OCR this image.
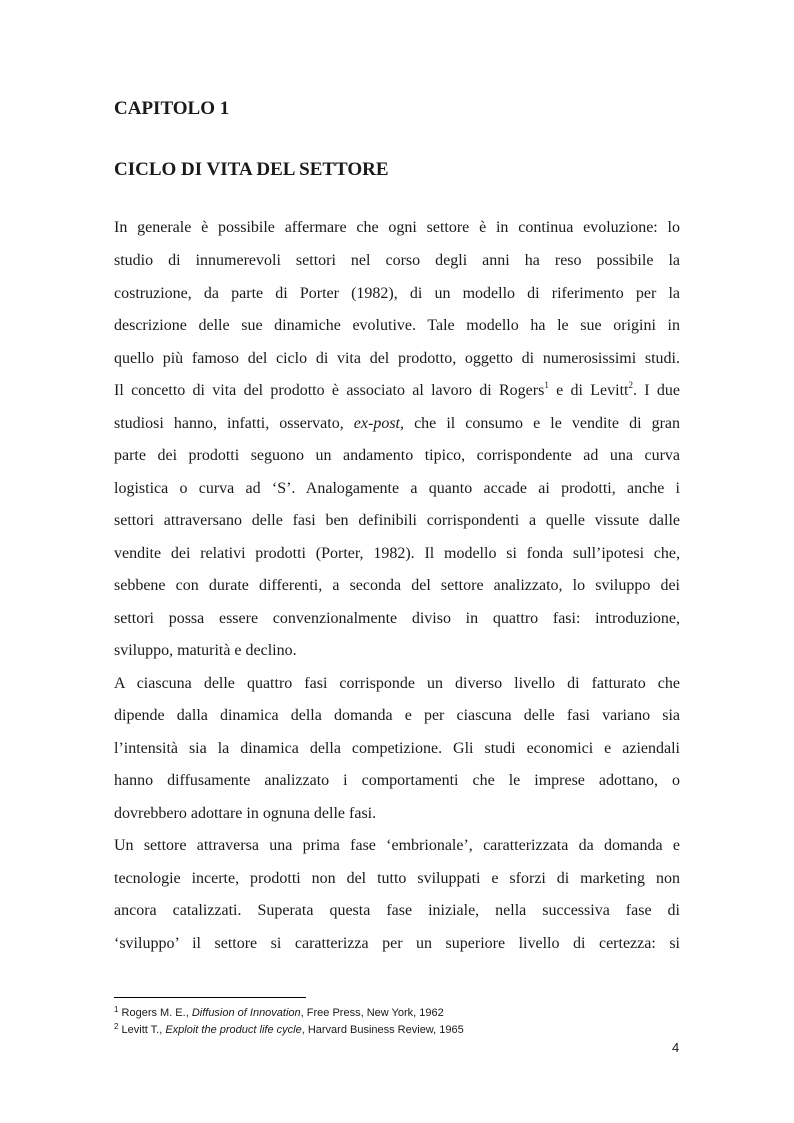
CAPITOLO 1
CICLO DI VITA DEL SETTORE

In generale è possibile affermare che ogni settore è in continua evoluzione: lo

studio di innumerevoli settori nel corso degli anni ha reso possibile la

costruzione, da parte di Porter (1982), di un modello di riferimento per la

descrizione delle sue dinamiche evolutive. Tale modello ha le sue origini in

quello più famoso del ciclo di vita del prodotto, oggetto di numerosissimi studi.

Il concetto di vita del prodotto è associato al lavoro di Rogers$^1$ e di Levitt$^2$. I due

studiosi hanno, infatti, osservato, ex-post, che il consumo e le vendite di gran

parte dei prodotti seguono un andamento tipico, corrispondente ad una curva

logistica o curva ad ‘S’. Analogamente a quanto accade ai prodotti, anche i

settori attraversano delle fasi ben definibili corrispondenti a quelle vissute dalle

vendite dei relativi prodotti (Porter, 1982). Il modello si fonda sull’ipotesi che,

sebbene con durate differenti, a seconda del settore analizzato, lo sviluppo dei

settori possa essere convenzionalmente diviso in quattro fasi: introduzione,

sviluppo, maturità e declino.

A ciascuna delle quattro fasi corrisponde un diverso livello di fatturato che

dipende dalla dinamica della domanda e per ciascuna delle fasi variano sia

l’intensità sia la dinamica della competizione. Gli studi economici e aziendali

hanno diffusamente analizzato i comportamenti che le imprese adottano, o

dovrebbero adottare in ognuna delle fasi.

Un settore attraversa una prima fase ‘embrionale’, caratterizzata da domanda e

tecnologie incerte, prodotti non del tutto sviluppati e sforzi di marketing non

ancora catalizzati. Superata questa fase iniziale, nella successiva fase di

‘sviluppo’ il settore si caratterizza per un superiore livello di certezza: si

$^1$ Rogers M. E., Diffusion of Innovation, Free Press, New York, 1962

$^2$ Levitt T., Exploit the product life cycle, Harvard Business Review, 1965

4
